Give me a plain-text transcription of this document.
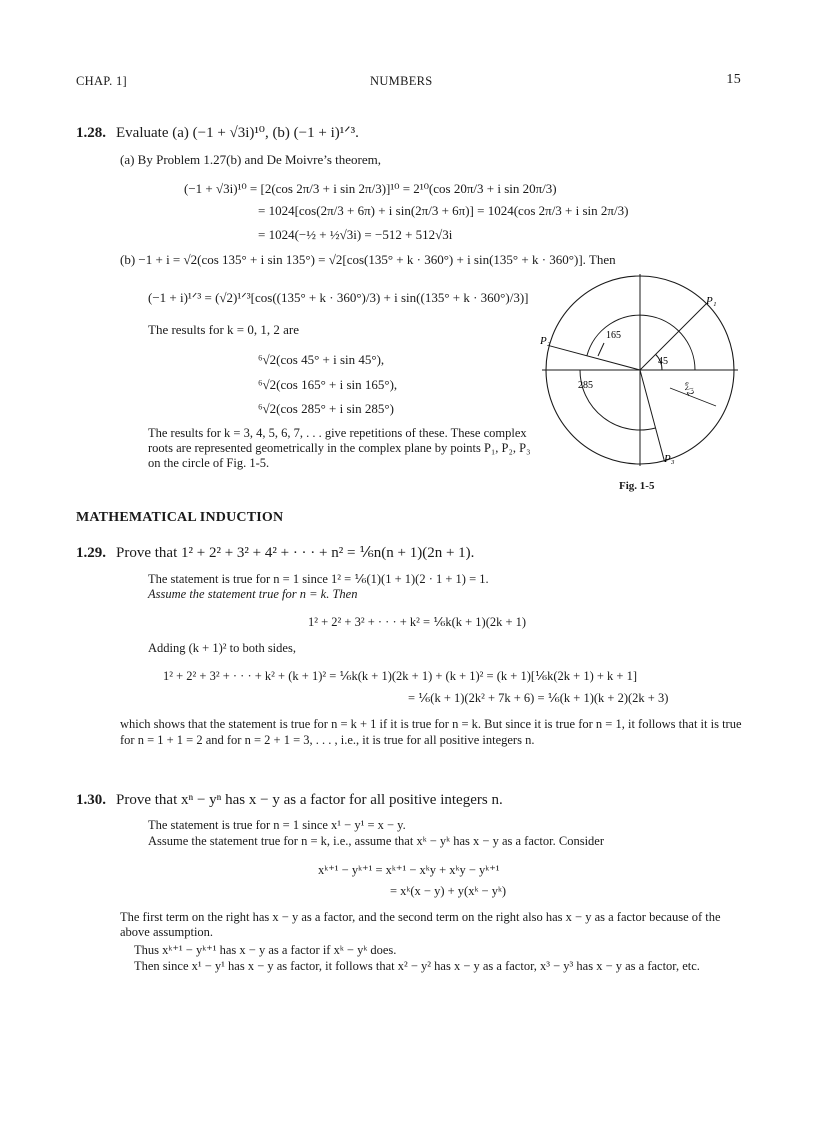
CHAP. 1]	NUMBERS	15
1.28. Evaluate (a) (−1 + √3i)¹⁰, (b) (−1 + i)¹ᐟ³.
(a) By Problem 1.27(b) and De Moivre’s theorem,
(−1 + √3i)¹⁰ = [2(cos 2π/3 + i sin 2π/3)]¹⁰ = 2¹⁰(cos 20π/3 + i sin 20π/3)
= 1024[cos(2π/3 + 6π) + i sin(2π/3 + 6π)] = 1024(cos 2π/3 + i sin 2π/3)
= 1024(−½ + ½√3i) = −512 + 512√3i
(b) −1 + i = √2(cos 135° + i sin 135°) = √2[cos(135° + k · 360°) + i sin(135° + k · 360°)]. Then
(−1 + i)¹ᐟ³ = (√2)¹ᐟ³[cos((135° + k · 360°)/3) + i sin((135° + k · 360°)/3)]
The results for k = 0, 1, 2 are
⁶√2(cos 45° + i sin 45°),
⁶√2(cos 165° + i sin 165°),
⁶√2(cos 285° + i sin 285°)
The results for k = 3, 4, 5, 6, 7, . . . give repetitions of these. These complex roots are represented geometrically in the complex plane by points P₁, P₂, P₃ on the circle of Fig. 1-5.
P₁
P₂
P₃
165
45
285	⁶√2
Fig. 1-5
MATHEMATICAL INDUCTION
1.29. Prove that 1² + 2² + 3² + 4² + · · · + n² = ⅙n(n + 1)(2n + 1).
The statement is true for n = 1 since 1² = ⅙(1)(1 + 1)(2 · 1 + 1) = 1.
Assume the statement true for n = k. Then
1² + 2² + 3² + · · · + k² = ⅙k(k + 1)(2k + 1)
Adding (k + 1)² to both sides,
1² + 2² + 3² + · · · + k² + (k + 1)² = ⅙k(k + 1)(2k + 1) + (k + 1)² = (k + 1)[⅙k(2k + 1) + k + 1]
= ⅙(k + 1)(2k² + 7k + 6) = ⅙(k + 1)(k + 2)(2k + 3)
which shows that the statement is true for n = k + 1 if it is true for n = k. But since it is true for n = 1, it follows that it is true for n = 1 + 1 = 2 and for n = 2 + 1 = 3, . . . , i.e., it is true for all positive integers n.
1.30. Prove that xⁿ − yⁿ has x − y as a factor for all positive integers n.
The statement is true for n = 1 since x¹ − y¹ = x − y.
Assume the statement true for n = k, i.e., assume that xᵏ − yᵏ has x − y as a factor. Consider
xᵏ⁺¹ − yᵏ⁺¹ = xᵏ⁺¹ − xᵏy + xᵏy − yᵏ⁺¹
= xᵏ(x − y) + y(xᵏ − yᵏ)
The first term on the right has x − y as a factor, and the second term on the right also has x − y as a factor because of the above assumption.
Thus xᵏ⁺¹ − yᵏ⁺¹ has x − y as a factor if xᵏ − yᵏ does.
Then since x¹ − y¹ has x − y as factor, it follows that x² − y² has x − y as a factor, x³ − y³ has x − y as a factor, etc.
